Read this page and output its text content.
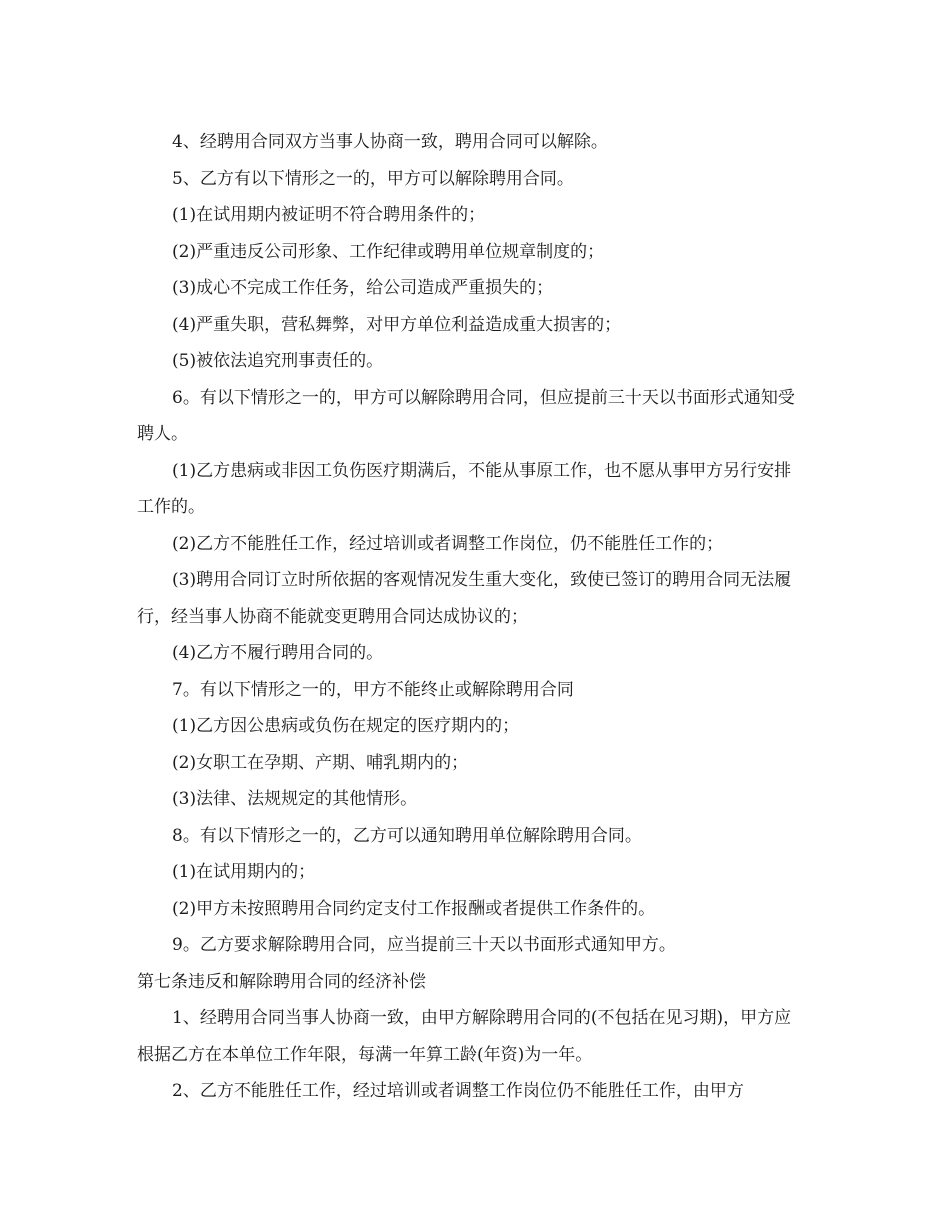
4、经聘用合同双方当事人协商一致，聘用合同可以解除。

5、乙方有以下情形之一的，甲方可以解除聘用合同。

(1)在试用期内被证明不符合聘用条件的；

(2)严重违反公司形象、工作纪律或聘用单位规章制度的；

(3)成心不完成工作任务，给公司造成严重损失的；

(4)严重失职，营私舞弊，对甲方单位利益造成重大损害的；

(5)被依法追究刑事责任的。

6。有以下情形之一的，甲方可以解除聘用合同，但应提前三十天以书面形式通知受聘人。

(1)乙方患病或非因工负伤医疗期满后，不能从事原工作，也不愿从事甲方另行安排工作的。

(2)乙方不能胜任工作，经过培训或者调整工作岗位，仍不能胜任工作的；

(3)聘用合同订立时所依据的客观情况发生重大变化，致使已签订的聘用合同无法履行，经当事人协商不能就变更聘用合同达成协议的；

(4)乙方不履行聘用合同的。

7。有以下情形之一的，甲方不能终止或解除聘用合同

(1)乙方因公患病或负伤在规定的医疗期内的；

(2)女职工在孕期、产期、哺乳期内的；

(3)法律、法规规定的其他情形。

8。有以下情形之一的，乙方可以通知聘用单位解除聘用合同。

(1)在试用期内的；

(2)甲方未按照聘用合同约定支付工作报酬或者提供工作条件的。

9。乙方要求解除聘用合同，应当提前三十天以书面形式通知甲方。

第七条违反和解除聘用合同的经济补偿

1、经聘用合同当事人协商一致，由甲方解除聘用合同的(不包括在见习期)，甲方应根据乙方在本单位工作年限，每满一年算工龄(年资)为一年。

2、乙方不能胜任工作，经过培训或者调整工作岗位仍不能胜任工作，由甲方
